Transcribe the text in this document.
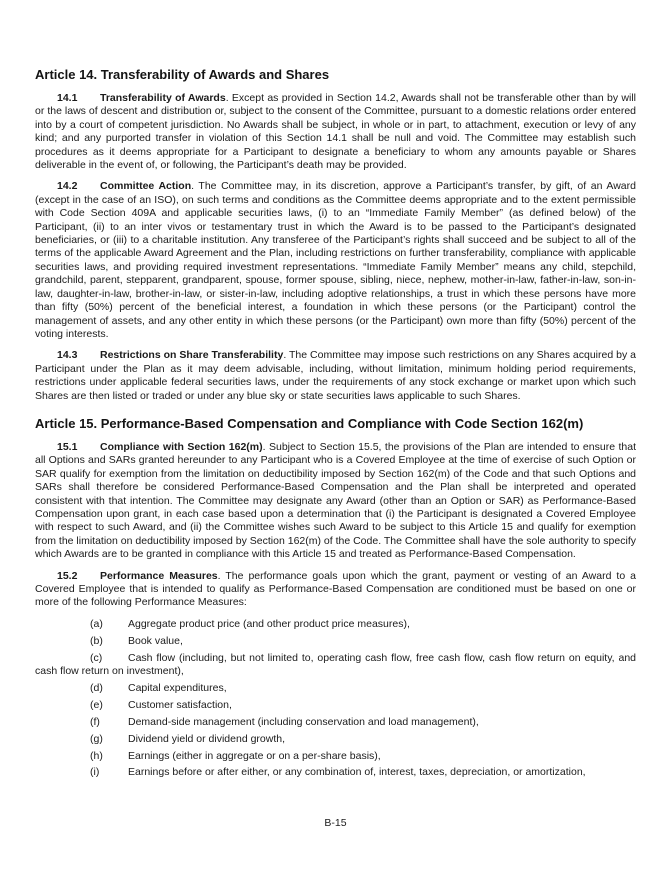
Article 14. Transferability of Awards and Shares

14.1 Transferability of Awards. Except as provided in Section 14.2, Awards shall not be transferable other than by will or the laws of descent and distribution or, subject to the consent of the Committee, pursuant to a domestic relations order entered into by a court of competent jurisdiction. No Awards shall be subject, in whole or in part, to attachment, execution or levy of any kind; and any purported transfer in violation of this Section 14.1 shall be null and void. The Committee may establish such procedures as it deems appropriate for a Participant to designate a beneficiary to whom any amounts payable or Shares deliverable in the event of, or following, the Participant’s death may be provided.

14.2 Committee Action. The Committee may, in its discretion, approve a Participant’s transfer, by gift, of an Award (except in the case of an ISO), on such terms and conditions as the Committee deems appropriate and to the extent permissible with Code Section 409A and applicable securities laws, (i) to an “Immediate Family Member” (as defined below) of the Participant, (ii) to an inter vivos or testamentary trust in which the Award is to be passed to the Participant’s designated beneficiaries, or (iii) to a charitable institution. Any transferee of the Participant’s rights shall succeed and be subject to all of the terms of the applicable Award Agreement and the Plan, including restrictions on further transferability, compliance with applicable securities laws, and providing required investment representations. “Immediate Family Member” means any child, stepchild, grandchild, parent, stepparent, grandparent, spouse, former spouse, sibling, niece, nephew, mother-in-law, father-in-law, son-in-law, daughter-in-law, brother-in-law, or sister-in-law, including adoptive relationships, a trust in which these persons have more than fifty (50%) percent of the beneficial interest, a foundation in which these persons (or the Participant) control the management of assets, and any other entity in which these persons (or the Participant) own more than fifty (50%) percent of the voting interests.

14.3 Restrictions on Share Transferability. The Committee may impose such restrictions on any Shares acquired by a Participant under the Plan as it may deem advisable, including, without limitation, minimum holding period requirements, restrictions under applicable federal securities laws, under the requirements of any stock exchange or market upon which such Shares are then listed or traded or under any blue sky or state securities laws applicable to such Shares.

Article 15. Performance-Based Compensation and Compliance with Code Section 162(m)

15.1 Compliance with Section 162(m). Subject to Section 15.5, the provisions of the Plan are intended to ensure that all Options and SARs granted hereunder to any Participant who is a Covered Employee at the time of exercise of such Option or SAR qualify for exemption from the limitation on deductibility imposed by Section 162(m) of the Code and that such Options and SARs shall therefore be considered Performance-Based Compensation and the Plan shall be interpreted and operated consistent with that intention. The Committee may designate any Award (other than an Option or SAR) as Performance-Based Compensation upon grant, in each case based upon a determination that (i) the Participant is designated a Covered Employee with respect to such Award, and (ii) the Committee wishes such Award to be subject to this Article 15 and qualify for exemption from the limitation on deductibility imposed by Section 162(m) of the Code. The Committee shall have the sole authority to specify which Awards are to be granted in compliance with this Article 15 and treated as Performance-Based Compensation.

15.2 Performance Measures. The performance goals upon which the grant, payment or vesting of an Award to a Covered Employee that is intended to qualify as Performance-Based Compensation are conditioned must be based on one or more of the following Performance Measures:

(a) Aggregate product price (and other product price measures),

(b) Book value,

(c) Cash flow (including, but not limited to, operating cash flow, free cash flow, cash flow return on equity, and cash flow return on investment),

(d) Capital expenditures,

(e) Customer satisfaction,

(f)	Demand-side management (including conservation and load management),

(g) Dividend yield or dividend growth,

(h) Earnings (either in aggregate or on a per-share basis),

(i)	Earnings before or after either, or any combination of, interest, taxes, depreciation, or amortization,

B-15
